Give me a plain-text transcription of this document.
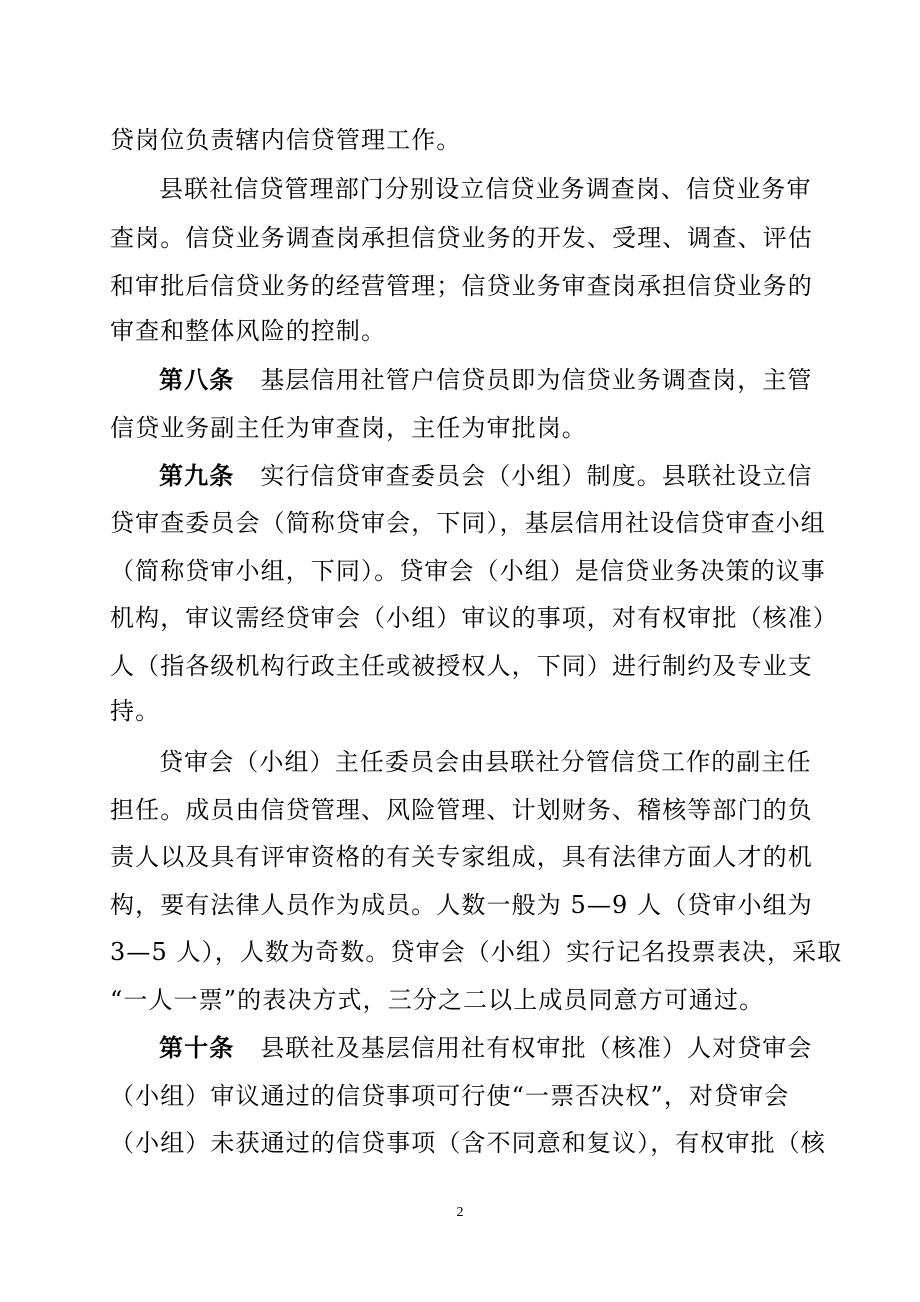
贷岗位负责辖内信贷管理工作。
县联社信贷管理部门分别设立信贷业务调查岗、信贷业务审
查岗。信贷业务调查岗承担信贷业务的开发、受理、调查、评估
和审批后信贷业务的经营管理；信贷业务审查岗承担信贷业务的
审查和整体风险的控制。
第八条 基层信用社管户信贷员即为信贷业务调查岗，主管
信贷业务副主任为审查岗，主任为审批岗。
第九条 实行信贷审查委员会（小组）制度。县联社设立信
贷审查委员会（简称贷审会，下同），基层信用社设信贷审查小组
（简称贷审小组，下同）。贷审会（小组）是信贷业务决策的议事
机构，审议需经贷审会（小组）审议的事项，对有权审批（核准）
人（指各级机构行政主任或被授权人，下同）进行制约及专业支
持。
贷审会（小组）主任委员会由县联社分管信贷工作的副主任
担任。成员由信贷管理、风险管理、计划财务、稽核等部门的负
责人以及具有评审资格的有关专家组成，具有法律方面人才的机
构，要有法律人员作为成员。人数一般为 5—9 人（贷审小组为
3—5 人），人数为奇数。贷审会（小组）实行记名投票表决，采取
“一人一票”的表决方式，三分之二以上成员同意方可通过。
第十条 县联社及基层信用社有权审批（核准）人对贷审会
（小组）审议通过的信贷事项可行使“一票否决权”，对贷审会
（小组）未获通过的信贷事项（含不同意和复议），有权审批（核
2
